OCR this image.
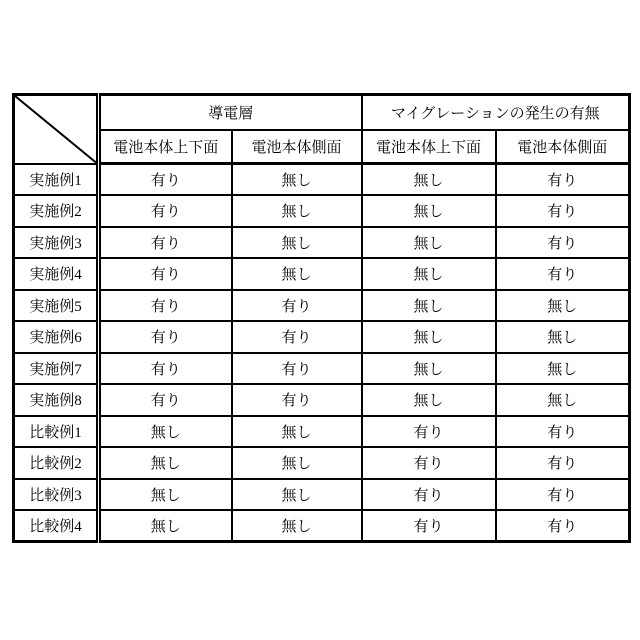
	導電層		マイグレーションの発生の有無	
	電池本体上下面	電池本体側面	電池本体上下面	電池本体側面
実施例1	有り	無し	無し	有り
実施例2	有り	無し	無し	有り
実施例3	有り	無し	無し	有り
実施例4	有り	無し	無し	有り
実施例5	有り	有り	無し	無し
実施例6	有り	有り	無し	無し
実施例7	有り	有り	無し	無し
実施例8	有り	有り	無し	無し
比較例1	無し	無し	有り	有り
比較例2	無し	無し	有り	有り
比較例3	無し	無し	有り	有り
比較例4	無し	無し	有り	有り
